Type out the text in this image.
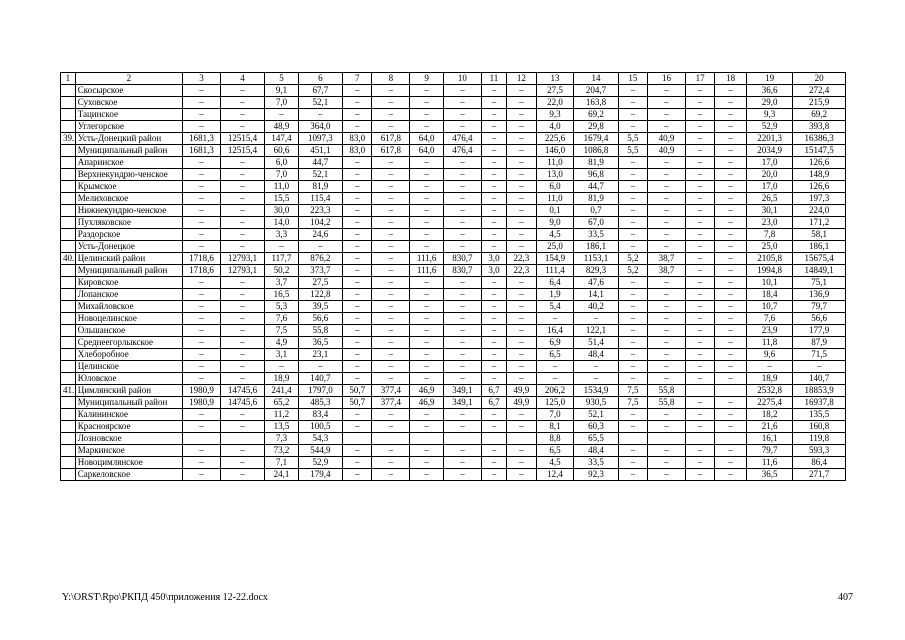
1	2	3	4	5	6	7	8	9	10	11	12	13	14	15	16	17	18	19	20
	Скосырское	–	–	9,1	67,7	–	–	–	–	–	–	27,5	204,7	–	–	–	–	36,6	272,4
	Суховское	–	–	7,0	52,1	–	–	–	–	–	–	22,0	163,8	–	–	–	–	29,0	215,9
	Тацинское	–	–	–	–	–	–	–	–	–	–	9,3	69,2	–	–	–	–	9,3	69,2
	Углегорское	–	–	48,9	364,0	–	–	–	–	–	–	4,0	29,8	–	–	–	–	52,9	393,8
39.	Усть-Донецкий район	1681,3	12515,4	147,4	1097,3	83,0	617,8	64,0	476,4	–	–	225,6	1679,4	5,5	40,9	–	–	2201,3	16386,3
	Муниципальный район	1681,3	12515,4	60,6	451,1	83,0	617,8	64,0	476,4	–	–	146,0	1086,8	5,5	40,9	–	–	2034,9	15147,5
	Апаринское	–	–	6,0	44,7	–	–	–	–	–	–	11,0	81,9	–	–	–	–	17,0	126,6
	Верхнекундрю-ченское	–	–	7,0	52,1	–	–	–	–	–	–	13,0	96,8	–	–	–	–	20,0	148,9
	Крымское	–	–	11,0	81,9	–	–	–	–	–	–	6,0	44,7	–	–	–	–	17,0	126,6
	Мелиховское	–	–	15,5	115,4	–	–	–	–	–	–	11,0	81,9	–	–	–	–	26,5	197,3
	Нижнекундрю-ченское	–	–	30,0	223,3	–	–	–	–	–	–	0,1	0,7	–	–	–	–	30,1	224,0
	Пухляковское	–	–	14,0	104,2	–	–	–	–	–	–	9,0	67,0	–	–	–	–	23,0	171,2
	Раздорское	–	–	3,3	24,6	–	–	–	–	–	–	4,5	33,5	–	–	–	–	7,8	58,1
	Усть-Донецкое	–	–	–	–	–	–	–	–	–	–	25,0	186,1	–	–	–	–	25,0	186,1
40.	Целинский район	1718,6	12793,1	117,7	876,2	–	–	111,6	830,7	3,0	22,3	154,9	1153,1	5,2	38,7	–	–	2105,8	15675,4
	Муниципальный район	1718,6	12793,1	50,2	373,7	–	–	111,6	830,7	3,0	22,3	111,4	829,3	5,2	38,7	–	–	1994,8	14849,1
	Кировское	–	–	3,7	27,5	–	–	–	–	–	–	6,4	47,6	–	–	–	–	10,1	75,1
	Лопанское	–	–	16,5	122,8	–	–	–	–	–	–	1,9	14,1	–	–	–	–	18,4	136,9
	Михайловское	–	–	5,3	39,5	–	–	–	–	–	–	5,4	40,2	–	–	–	–	10,7	79,7
	Новоцелинское	–	–	7,6	56,6	–	–	–	–	–	–	–	–	–	–	–	–	7,6	56,6
	Ольшанское	–	–	7,5	55,8	–	–	–	–	–	–	16,4	122,1	–	–	–	–	23,9	177,9
	Среднеегорлыкское	–	–	4,9	36,5	–	–	–	–	–	–	6,9	51,4	–	–	–	–	11,8	87,9
	Хлеборобное	–	–	3,1	23,1	–	–	–	–	–	–	6,5	48,4	–	–	–	–	9,6	71,5
	Целинское	–	–	–	–	–	–	–	–	–	–	–	–	–	–	–	–	–	–
	Юловское	–	–	18,9	140,7	–	–	–	–	–	–	–	–	–	–	–	–	18,9	140,7
41.	Цимлянский район	1980,9	14745,6	241,4	1797,0	50,7	377,4	46,9	349,1	6,7	49,9	206,2	1534,9	7,5	55,8			2532,8	18853,9
	Муниципальный район	1980,9	14745,6	65,2	485,3	50,7	377,4	46,9	349,1	6,7	49,9	125,0	930,5	7,5	55,8	–	–	2275,4	16937,8
	Калининское	–	–	11,2	83,4	–	–	–	–	–	–	7,0	52,1	–	–	–	–	18,2	135,5
	Красноярское	–	–	13,5	100,5	–	–	–	–	–	–	8,1	60,3	–	–	–	–	21,6	160,8
	Лозновское			7,3	54,3							8,8	65,5					16,1	119,8
	Маркинское	–	–	73,2	544,9	–	–	–	–	–	–	6,5	48,4	–	–	–	–	79,7	593,3
	Новоцимлянское	–	–	7,1	52,9	–	–	–	–	–	–	4,5	33,5	–	–	–	–	11,6	86,4
	Саркеловское	–	–	24,1	179,4	–	–	–	–	–	–	12,4	92,3	–	–	–	–	36,5	271,7
Y:\ORST\Rpo\РКПД 450\приложения 12-22.docx	407
